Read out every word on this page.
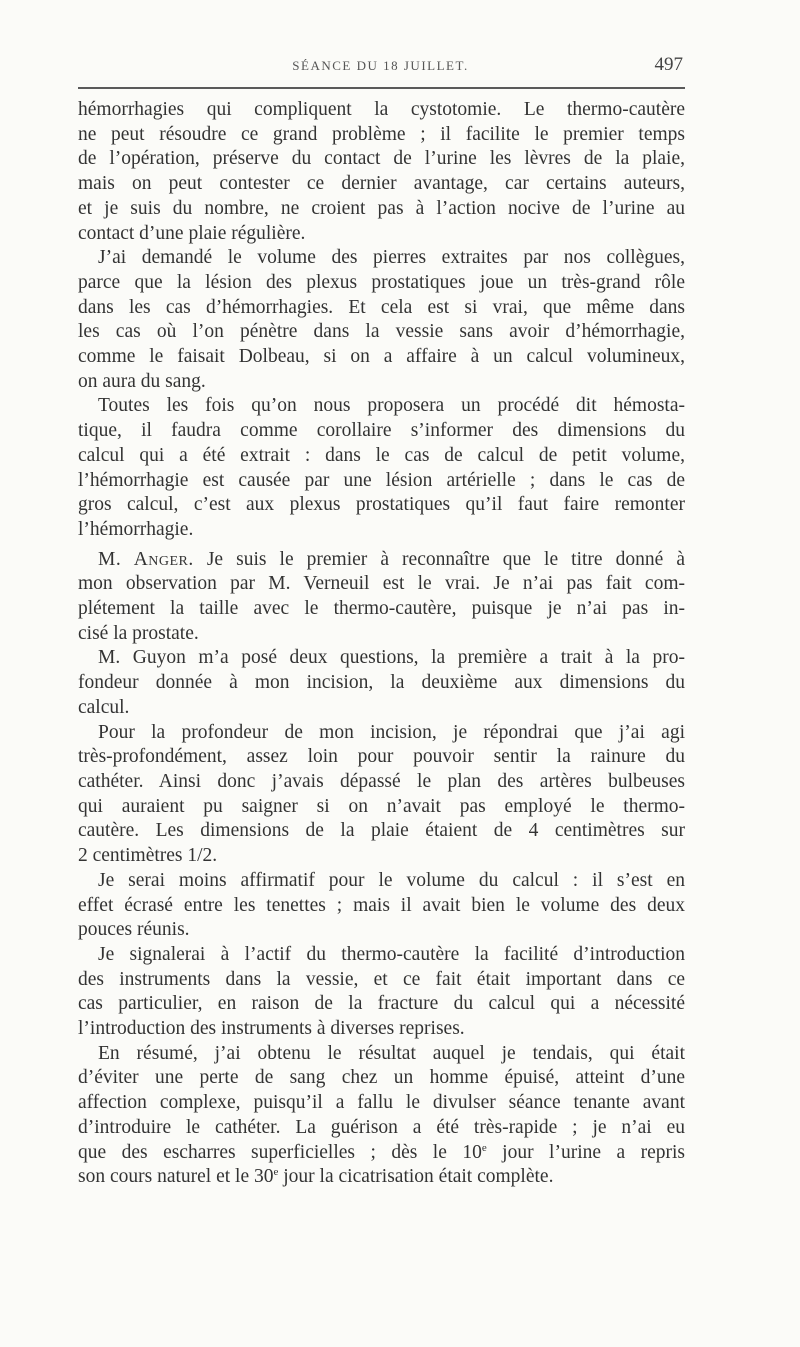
SÉANCE DU 18 JUILLET.	497
hémorrhagies qui compliquent la cystotomie. Le thermo-cautère
ne peut résoudre ce grand problème ; il facilite le premier temps
de l’opération, préserve du contact de l’urine les lèvres de la plaie,
mais on peut contester ce dernier avantage, car certains auteurs,
et je suis du nombre, ne croient pas à l’action nocive de l’urine au
contact d’une plaie régulière.
J’ai demandé le volume des pierres extraites par nos collègues,
parce que la lésion des plexus prostatiques joue un très-grand rôle
dans les cas d’hémorrhagies. Et cela est si vrai, que même dans
les cas où l’on pénètre dans la vessie sans avoir d’hémorrhagie,
comme le faisait Dolbeau, si on a affaire à un calcul volumineux,
on aura du sang.
Toutes les fois qu’on nous proposera un procédé dit hémosta-
tique, il faudra comme corollaire s’informer des dimensions du
calcul qui a été extrait : dans le cas de calcul de petit volume,
l’hémorrhagie est causée par une lésion artérielle ; dans le cas de
gros calcul, c’est aux plexus prostatiques qu’il faut faire remonter
l’hémorrhagie.
M. Anger. Je suis le premier à reconnaître que le titre donné à
mon observation par M. Verneuil est le vrai. Je n’ai pas fait com-
plétement la taille avec le thermo-cautère, puisque je n’ai pas in-
cisé la prostate.
M. Guyon m’a posé deux questions, la première a trait à la pro-
fondeur donnée à mon incision, la deuxième aux dimensions du
calcul.
Pour la profondeur de mon incision, je répondrai que j’ai agi
très-profondément, assez loin pour pouvoir sentir la rainure du
cathéter. Ainsi donc j’avais dépassé le plan des artères bulbeuses
qui auraient pu saigner si on n’avait pas employé le thermo-
cautère. Les dimensions de la plaie étaient de 4 centimètres sur
2 centimètres 1/2.
Je serai moins affirmatif pour le volume du calcul : il s’est en
effet écrasé entre les tenettes ; mais il avait bien le volume des deux
pouces réunis.
Je signalerai à l’actif du thermo-cautère la facilité d’introduction
des instruments dans la vessie, et ce fait était important dans ce
cas particulier, en raison de la fracture du calcul qui a nécessité
l’introduction des instruments à diverses reprises.
En résumé, j’ai obtenu le résultat auquel je tendais, qui était
d’éviter une perte de sang chez un homme épuisé, atteint d’une
affection complexe, puisqu’il a fallu le divulser séance tenante avant
d’introduire le cathéter. La guérison a été très-rapide ; je n’ai eu
que des escharres superficielles ; dès le 10e jour l’urine a repris
son cours naturel et le 30e jour la cicatrisation était complète.
